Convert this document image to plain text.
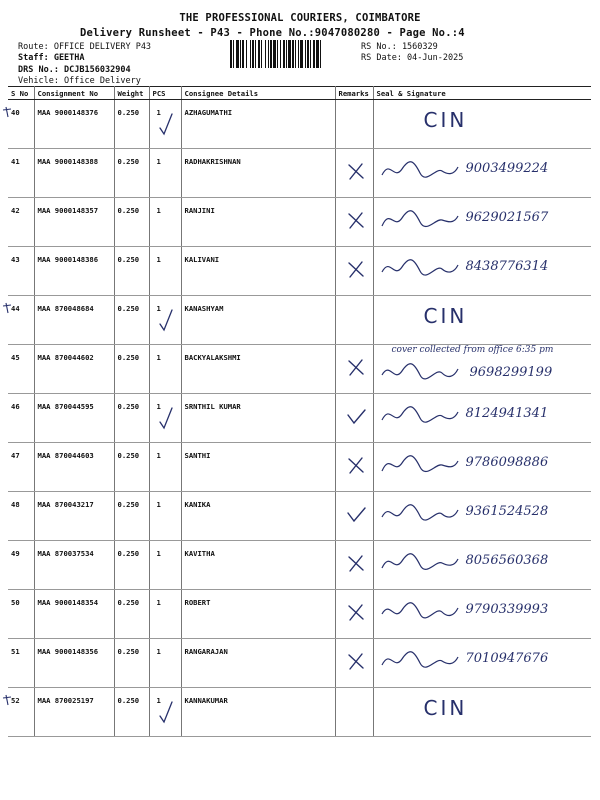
THE PROFESSIONAL COURIERS, COIMBATORE
Delivery Runsheet - P43 - Phone No.:9047080280 - Page No.:4
Route: OFFICE DELIVERY P43
Staff: GEETHA
DRS No.: DCJB156032904
Vehicle: Office Delivery
RS No.: 1560329
RS Date: 04-Jun-2025
S No	Consignment No	Weight	PCS	Consignee Details	Remarks	Seal & Signature
40	MAA 9000148376	0.250	1	AZHAGUMATHI		CIN

41	MAA 9000148388	0.250	1	RADHAKRISHNAN		9003499224

42	MAA 9000148357	0.250	1	RANJINI		9629021567

43	MAA 9000148386	0.250	1	KALIVANI		8438776314

44	MAA 870048684	0.250	1	KANASHYAM		CIN

45	MAA 870044602	0.250	1	BACKYALAKSHMI		cover collected from office 6:35 pm
9698299199

46	MAA 870044595	0.250	1	SRNTHIL KUMAR		8124941341

47	MAA 870044603	0.250	1	SANTHI		9786098886

48	MAA 870043217	0.250	1	KANIKA		9361524528

49	MAA 870037534	0.250	1	KAVITHA		8056560368

50	MAA 9000148354	0.250	1	ROBERT		9790339993

51	MAA 9000148356	0.250	1	RANGARAJAN		7010947676

52	MAA 870025197	0.250	1	KANNAKUMAR		CIN
